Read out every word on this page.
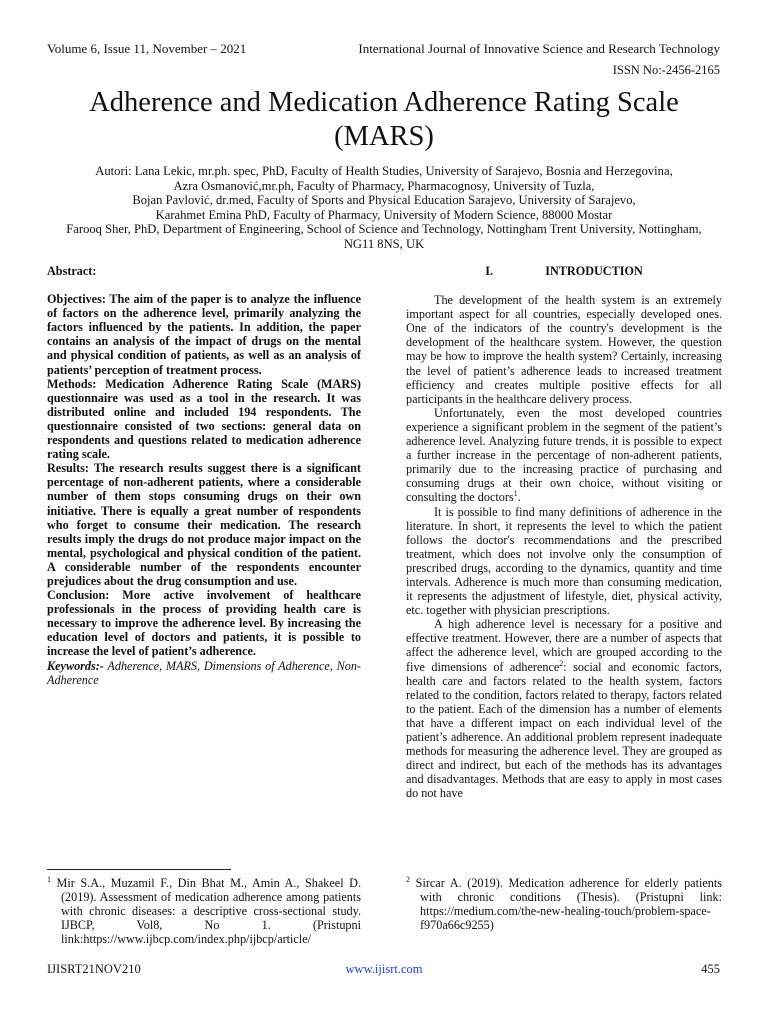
Volume 6, Issue 11, November – 2021	International Journal of Innovative Science and Research Technology
ISSN No:-2456-2165
Adherence and Medication Adherence Rating Scale
(MARS)
Autori: Lana Lekic, mr.ph. spec, PhD, Faculty of Health Studies, University of Sarajevo, Bosnia and Herzegovina,
Azra Osmanović,mr.ph, Faculty of Pharmacy, Pharmacognosy, University of Tuzla,
Bojan Pavlović, dr.med, Faculty of Sports and Physical Education Sarajevo, University of Sarajevo,
Karahmet Emina PhD, Faculty of Pharmacy, University of Modern Science, 88000 Mostar
Farooq Sher, PhD, Department of Engineering, School of Science and Technology, Nottingham Trent University, Nottingham,
NG11 8NS, UK

Abstract:

Objectives: The aim of the paper is to analyze the influence of factors on the adherence level, primarily analyzing the factors influenced by the patients. In addition, the paper contains an analysis of the impact of drugs on the mental and physical condition of patients, as well as an analysis of patients’ perception of treatment process.

Methods: Medication Adherence Rating Scale (MARS) questionnaire was used as a tool in the research. It was distributed online and included 194 respondents. The questionnaire consisted of two sections: general data on respondents and questions related to medication adherence rating scale.

Results: The research results suggest there is a significant percentage of non-adherent patients, where a considerable number of them stops consuming drugs on their own initiative. There is equally a great number of respondents who forget to consume their medication. The research results imply the drugs do not produce major impact on the mental, psychological and physical condition of the patient. A considerable number of the respondents encounter prejudices about the drug consumption and use.

Conclusion: More active involvement of healthcare professionals in the process of providing health care is necessary to improve the adherence level. By increasing the education level of doctors and patients, it is possible to increase the level of patient’s adherence.

Keywords:- Adherence, MARS, Dimensions of Adherence, Non-Adherence

I.	INTRODUCTION

The development of the health system is an extremely important aspect for all countries, especially developed ones. One of the indicators of the country's development is the development of the healthcare system. However, the question may be how to improve the health system? Certainly, increasing the level of patient’s adherence leads to increased treatment efficiency and creates multiple positive effects for all participants in the healthcare delivery process.

Unfortunately, even the most developed countries experience a significant problem in the segment of the patient’s adherence level. Analyzing future trends, it is possible to expect a further increase in the percentage of non-adherent patients, primarily due to the increasing practice of purchasing and consuming drugs at their own choice, without visiting or consulting the doctors$^1$.

It is possible to find many definitions of adherence in the literature. In short, it represents the level to which the patient follows the doctor's recommendations and the prescribed treatment, which does not involve only the consumption of prescribed drugs, according to the dynamics, quantity and time intervals. Adherence is much more than consuming medication, it represents the adjustment of lifestyle, diet, physical activity, etc. together with physician prescriptions.

A high adherence level is necessary for a positive and effective treatment. However, there are a number of aspects that affect the adherence level, which are grouped according to the five dimensions of adherence$^2$: social and economic factors, health care and factors related to the health system, factors related to the condition, factors related to therapy, factors related to the patient. Each of the dimension has a number of elements that have a different impact on each individual level of the patient’s adherence. An additional problem represent inadequate methods for measuring the adherence level. They are grouped as direct and indirect, but each of the methods has its advantages and disadvantages. Methods that are easy to apply in most cases do not have

$^1$ Mir S.A., Muzamil F., Din Bhat M., Amin A., Shakeel D. (2019). Assessment of medication adherence among patients with chronic diseases: a descriptive cross-sectional study. IJBCP, Vol8, No 1. (Pristupni link:https://www.ijbcp.com/index.php/ijbcp/article/
$^2$ Sircar A. (2019). Medication adherence for elderly patients with chronic conditions (Thesis). (Pristupni link: https://medium.com/the-new-healing-touch/problem-space-f970a66c9255)
IJISRT21NOV210	www.ijisrt.com	455
